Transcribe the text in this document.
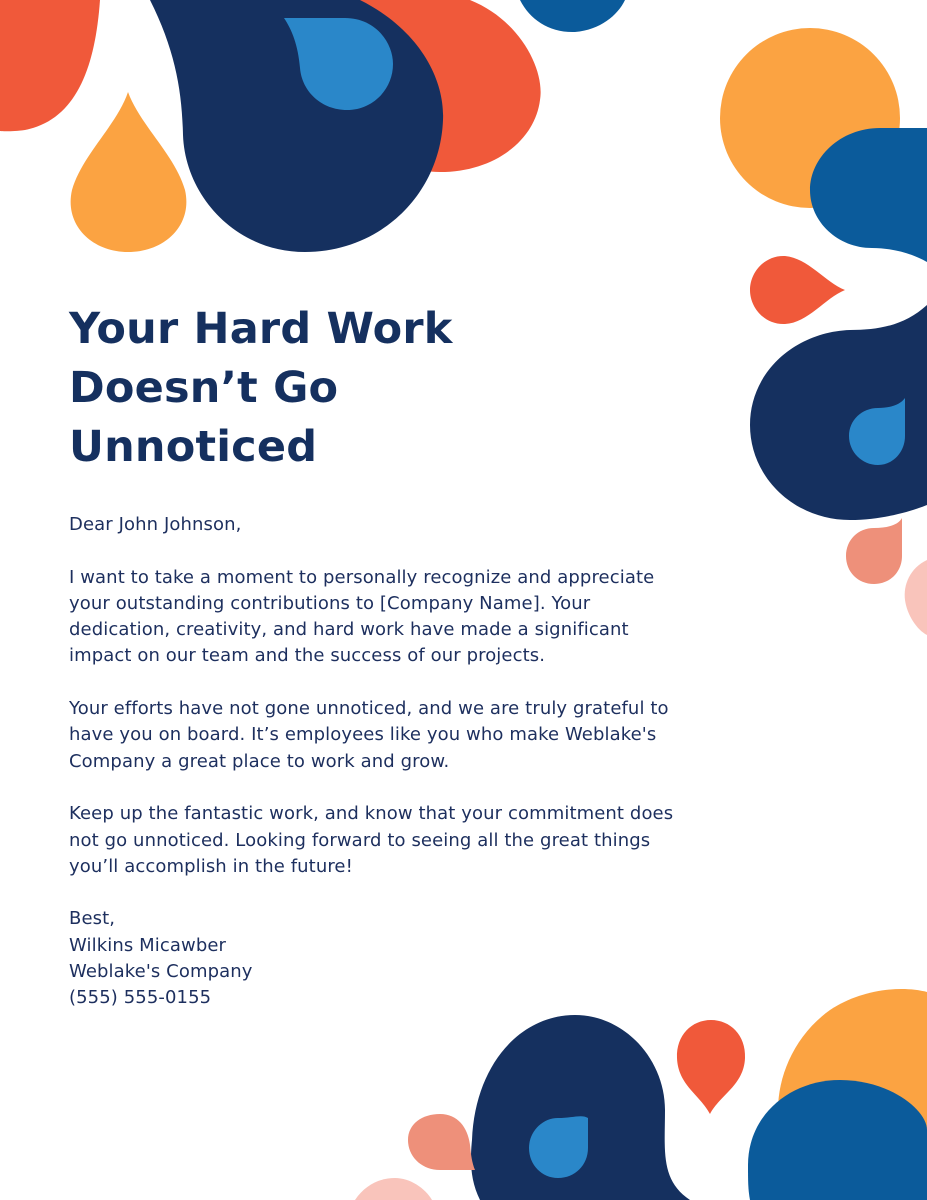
Your Hard Work
Doesn’t Go
Unnoticed

Dear John Johnson,

I want to take a moment to personally recognize and appreciate
your outstanding contributions to [Company Name]. Your
dedication, creativity, and hard work have made a significant
impact on our team and the success of our projects.

Your efforts have not gone unnoticed, and we are truly grateful to
have you on board. It’s employees like you who make Weblake's
Company a great place to work and grow.

Keep up the fantastic work, and know that your commitment does
not go unnoticed. Looking forward to seeing all the great things
you’ll accomplish in the future!

Best,
Wilkins Micawber
Weblake's Company
(555) 555-0155
